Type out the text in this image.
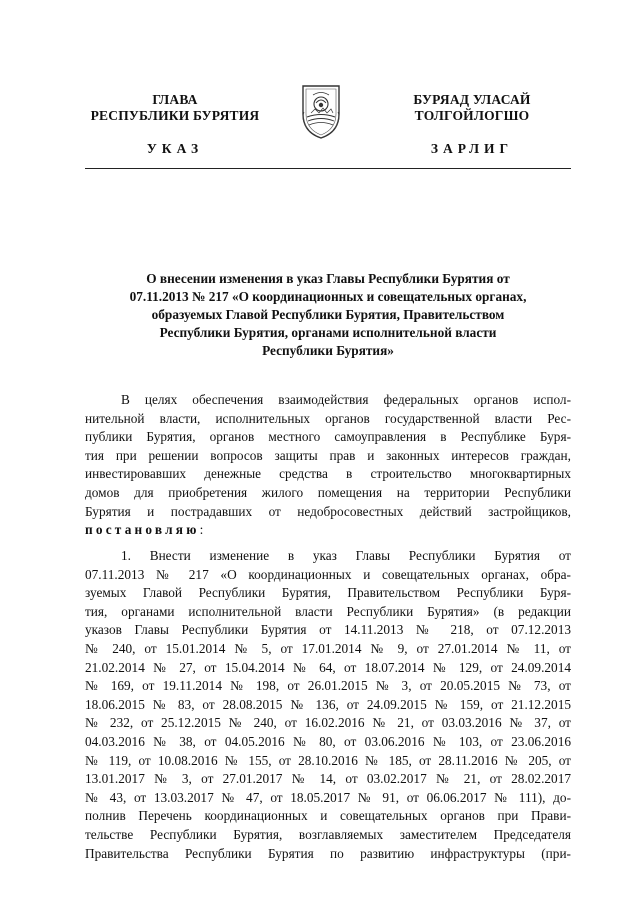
ГЛАВА
РЕСПУБЛИКИ БУРЯТИЯ
УКАЗ
БУРЯАД УЛАСАЙ
ТОЛГОЙЛОГШО
ЗАРЛИГ
О внесении изменения в указ Главы Республики Бурятия от
07.11.2013 № 217 «О координационных и совещательных органах,
образуемых Главой Республики Бурятия, Правительством
Республики Бурятия, органами исполнительной власти
Республики Бурятия»
В целях обеспечения взаимодействия федеральных органов испол-
нительной власти, исполнительных органов государственной власти Рес-
публики Бурятия, органов местного самоуправления в Республике Буря-
тия при решении вопросов защиты прав и законных интересов граждан,
инвестировавших денежные средства в строительство многоквартирных
домов для приобретения жилого помещения на территории Республики
Бурятия и пострадавших от недобросовестных действий застройщиков,
постановляю:
1. Внести изменение в указ Главы Республики Бурятия от
07.11.2013 № 217 «О координационных и совещательных органах, обра-
зуемых Главой Республики Бурятия, Правительством Республики Буря-
тия, органами исполнительной власти Республики Бурятия» (в редакции
указов Главы Республики Бурятия от 14.11.2013 № 218, от 07.12.2013
№ 240, от 15.01.2014 № 5, от 17.01.2014 № 9, от 27.01.2014 № 11, от
21.02.2014 № 27, от 15.04.2014 № 64, от 18.07.2014 № 129, от 24.09.2014
№ 169, от 19.11.2014 № 198, от 26.01.2015 № 3, от 20.05.2015 № 73, от
18.06.2015 № 83, от 28.08.2015 № 136, от 24.09.2015 № 159, от 21.12.2015
№ 232, от 25.12.2015 № 240, от 16.02.2016 № 21, от 03.03.2016 № 37, от
04.03.2016 № 38, от 04.05.2016 № 80, от 03.06.2016 № 103, от 23.06.2016
№ 119, от 10.08.2016 № 155, от 28.10.2016 № 185, от 28.11.2016 № 205, от
13.01.2017 № 3, от 27.01.2017 № 14, от 03.02.2017 № 21, от 28.02.2017
№ 43, от 13.03.2017 № 47, от 18.05.2017 № 91, от 06.06.2017 № 111), до-
полнив Перечень координационных и совещательных органов при Прави-
тельстве Республики Бурятия, возглавляемых заместителем Председателя
Правительства Республики Бурятия по развитию инфраструктуры (при-
